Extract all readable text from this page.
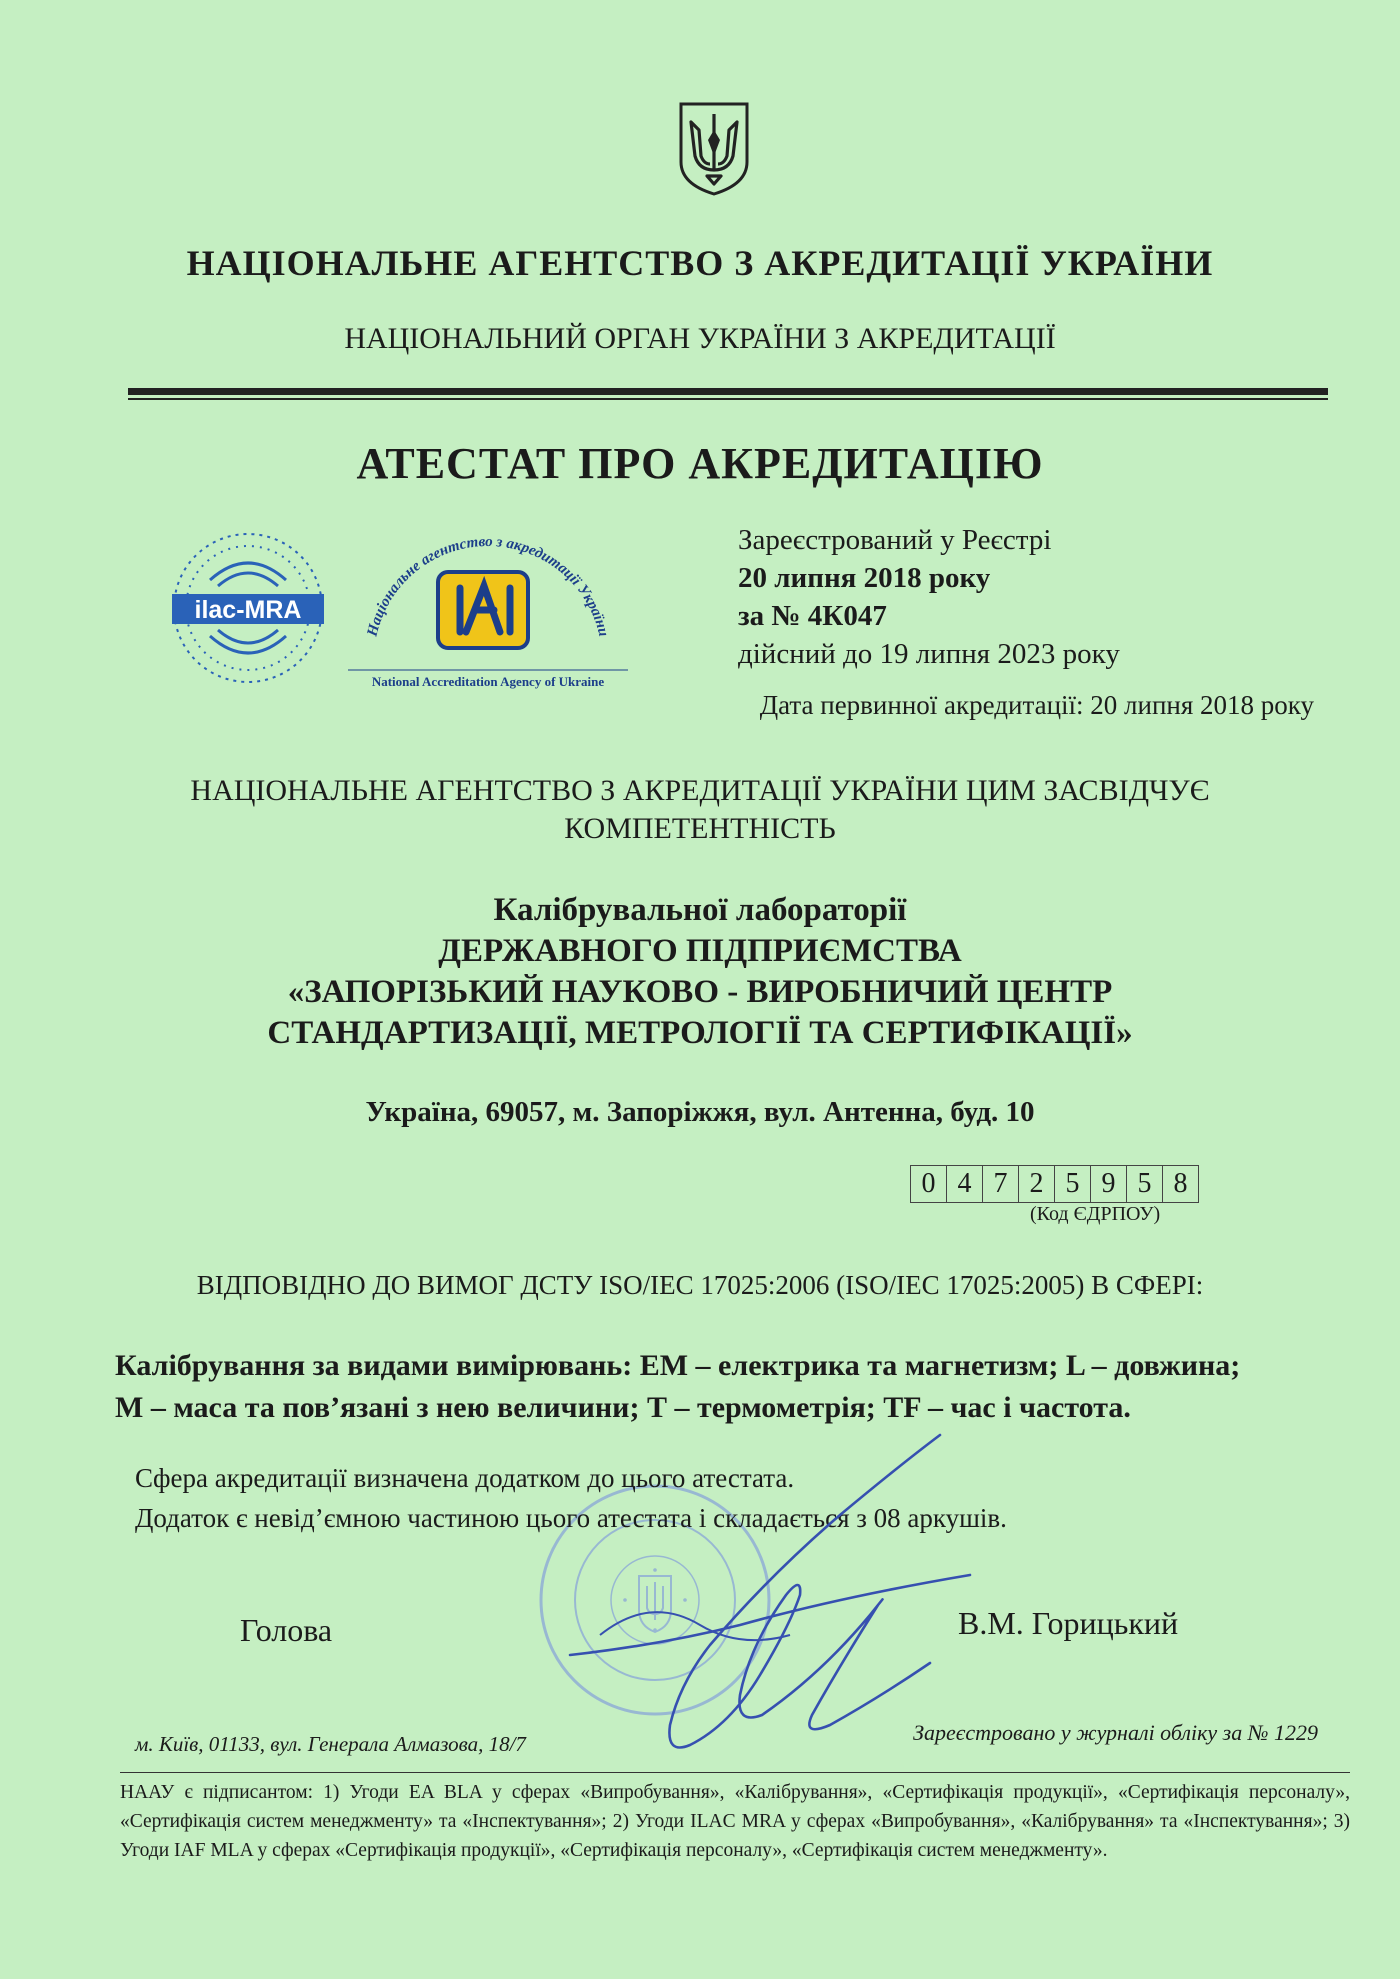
НАЦІОНАЛЬНЕ АГЕНТСТВО З АКРЕДИТАЦІЇ УКРАЇНИ
НАЦІОНАЛЬНИЙ ОРГАН УКРАЇНИ З АКРЕДИТАЦІЇ
АТЕСТАТ ПРО АКРЕДИТАЦІЮ
ilac-MRA
Національне агентство з акредитації України
National Accreditation Agency of Ukraine
Зареєстрований у Реєстрі
20 липня 2018 року
за № 4К047
дійсний до 19 липня 2023 року
Дата первинної акредитації: 20 липня 2018 року
НАЦІОНАЛЬНЕ АГЕНТСТВО З АКРЕДИТАЦІЇ УКРАЇНИ ЦИМ ЗАСВІДЧУЄ
КОМПЕТЕНТНІСТЬ
Калібрувальної лабораторії
ДЕРЖАВНОГО ПІДПРИЄМСТВА
«ЗАПОРІЗЬКИЙ НАУКОВО - ВИРОБНИЧИЙ ЦЕНТР
СТАНДАРТИЗАЦІЇ, МЕТРОЛОГІЇ ТА СЕРТИФІКАЦІЇ»
Україна, 69057, м. Запоріжжя, вул. Антенна, буд. 10
0	4	7	2	5	9	5	8
(Код ЄДРПОУ)
ВІДПОВІДНО ДО ВИМОГ ДСТУ ISO/IEC 17025:2006 (ISO/IEC 17025:2005) В СФЕРІ:
Калібрування за видами вимірювань: ЕМ – електрика та магнетизм; L – довжина;
М – маса та пов’язані з нею величини; Т – термометрія; TF – час і частота.
Сфера акредитації визначена додатком до цього атестата.
Додаток є невід’ємною частиною цього атестата і складається з 08 аркушів.
Голова	В.М. Горицький
м. Київ, 01133, вул. Генерала Алмазова, 18/7	Зареєстровано у журналі обліку за № 1229
НААУ є підписантом: 1) Угоди EA BLA у сферах «Випробування», «Калібрування», «Сертифікація продукції», «Сертифікація персоналу», «Сертифікація систем менеджменту» та «Інспектування»; 2) Угоди ILAC MRA у сферах «Випробування», «Калібрування» та «Інспектування»; 3) Угоди IAF MLA у сферах «Сертифікація продукції», «Сертифікація персоналу», «Сертифікація систем менеджменту».
